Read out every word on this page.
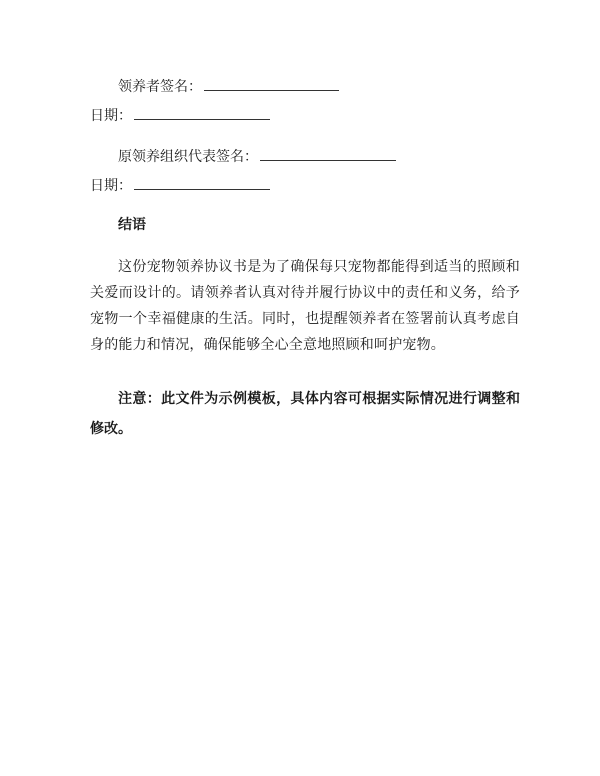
领养者签名：
日期：
原领养组织代表签名：
日期：
结语

这份宠物领养协议书是为了确保每只宠物都能得到适当的照顾和关爱而设计的。请领养者认真对待并履行协议中的责任和义务，给予宠物一个幸福健康的生活。同时，也提醒领养者在签署前认真考虑自身的能力和情况，确保能够全心全意地照顾和呵护宠物。

注意：此文件为示例模板，具体内容可根据实际情况进行调整和修改。
